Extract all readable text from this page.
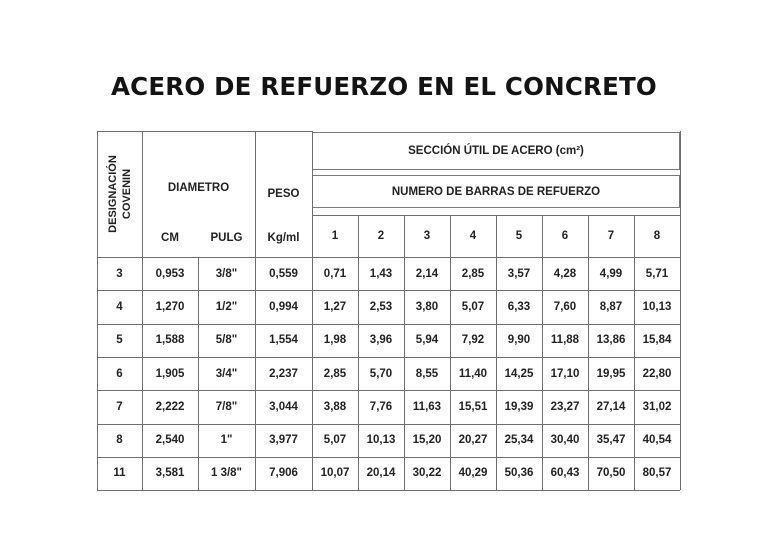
ACERO DE REFUERZO EN EL CONCRETO
DESIGNACIÓN COVENIN	DIAMETRO
CM	PULG
PESO
Kg/ml
SECCIÓN ÚTIL DE ACERO (cm²)
NUMERO DE BARRAS DE REFUERZO
1	2	3	4	5	6	7	8
3	0,953	3/8"	0,559	0,71	1,43	2,14	2,85	3,57	4,28	4,99	5,71
4	1,270	1/2"	0,994	1,27	2,53	3,80	5,07	6,33	7,60	8,87	10,13
5	1,588	5/8"	1,554	1,98	3,96	5,94	7,92	9,90	11,88	13,86	15,84
6	1,905	3/4"	2,237	2,85	5,70	8,55	11,40	14,25	17,10	19,95	22,80
7	2,222	7/8"	3,044	3,88	7,76	11,63	15,51	19,39	23,27	27,14	31,02
8	2,540	1"	3,977	5,07	10,13	15,20	20,27	25,34	30,40	35,47	40,54
11	3,581	1 3/8"	7,906	10,07	20,14	30,22	40,29	50,36	60,43	70,50	80,57
